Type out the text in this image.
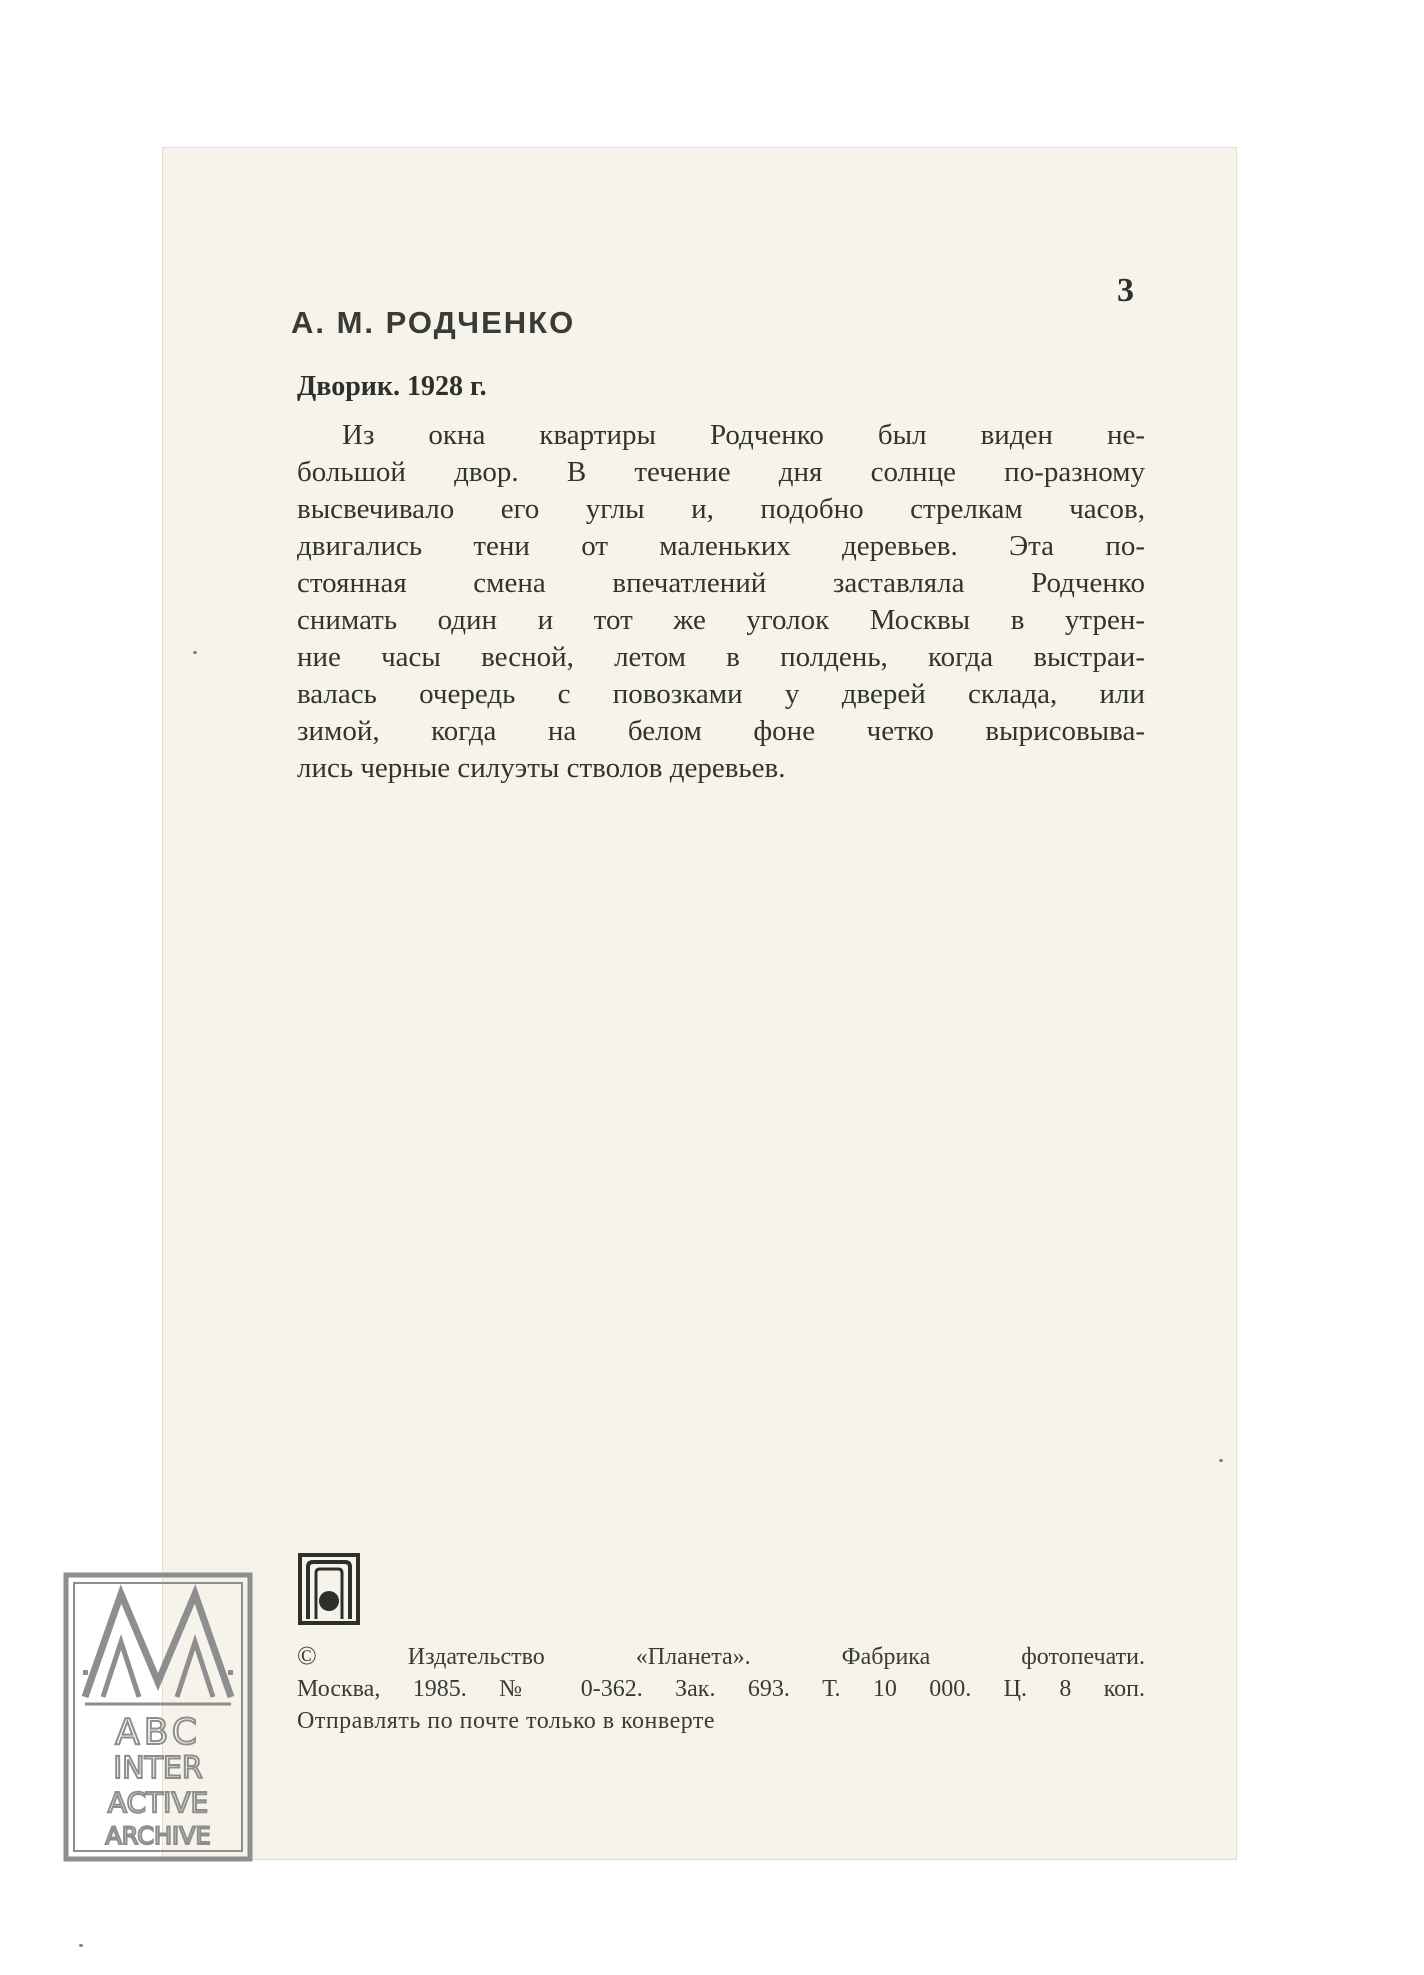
3

А. М. РОДЧЕНКО
Дворик. 1928 г.
Из окна квартиры Родченко был виден не-
большой двор. В течение дня солнце по-разному
высвечивало его углы и, подобно стрелкам часов,
двигались тени от маленьких деревьев. Эта по-
стоянная смена впечатлений заставляла Родченко
снимать один и тот же уголок Москвы в утрен-
ние часы весной, летом в полдень, когда выстраи-
валась очередь с повозками у дверей склада, или
зимой, когда на белом фоне четко вырисовыва-
лись черные силуэты стволов деревьев.
©	Издательство «Планета». Фабрика фотопечати.
Москва, 1985. № 0-362. Зак. 693. Т. 10 000. Ц. 8 коп.
Отправлять по почте только в конверте
ABC
INTER
ACTIVE
ARCHIVE
